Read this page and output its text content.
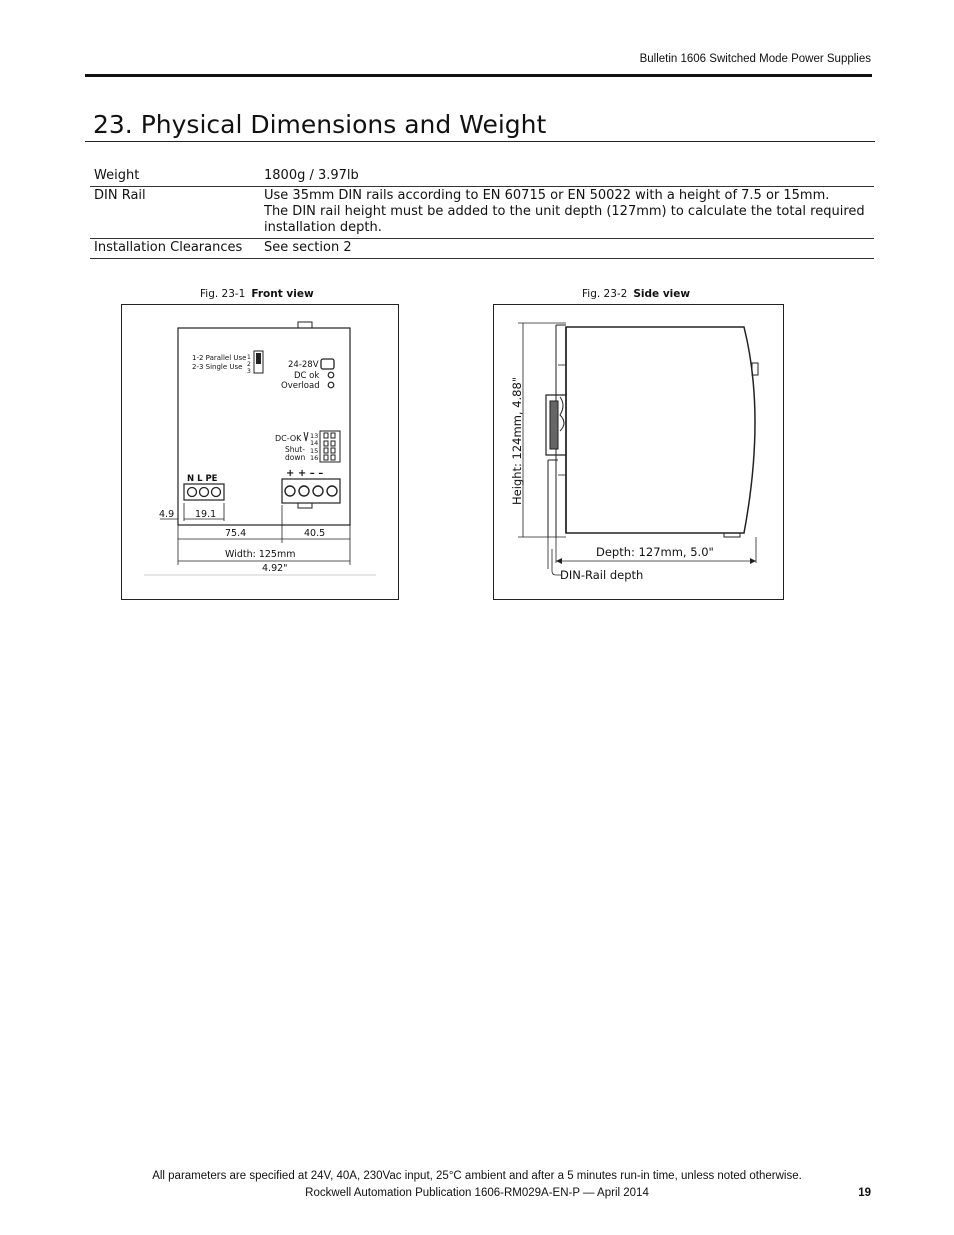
Bulletin 1606 Switched Mode Power Supplies
23. Physical Dimensions and Weight
Weight	1800g / 3.97lb
DIN Rail	Use 35mm DIN rails according to EN 60715 or EN 50022 with a height of 7.5 or 15mm.
The DIN rail height must be added to the unit depth (127mm) to calculate the total required
installation depth.

Installation Clearances	See section 2
Fig. 23-1 Front view
1-2 Parallel Use
2-3 Single Use
1
2
3
24-28V
DC ok
Overload
DC-OK
Shut-
down
13
14
15
16
N L PE	+ + – –
4.9 19.1
75.4	40.5
Width: 125mm
4.92"
Fig. 23-2 Side view
Height: 124mm, 4.88"
Depth: 127mm, 5.0"
DIN-Rail depth
All parameters are specified at 24V, 40A, 230Vac input, 25°C ambient and after a 5 minutes run-in time, unless noted otherwise.
Rockwell Automation Publication 1606-RM029A-EN-P — April 2014	19
